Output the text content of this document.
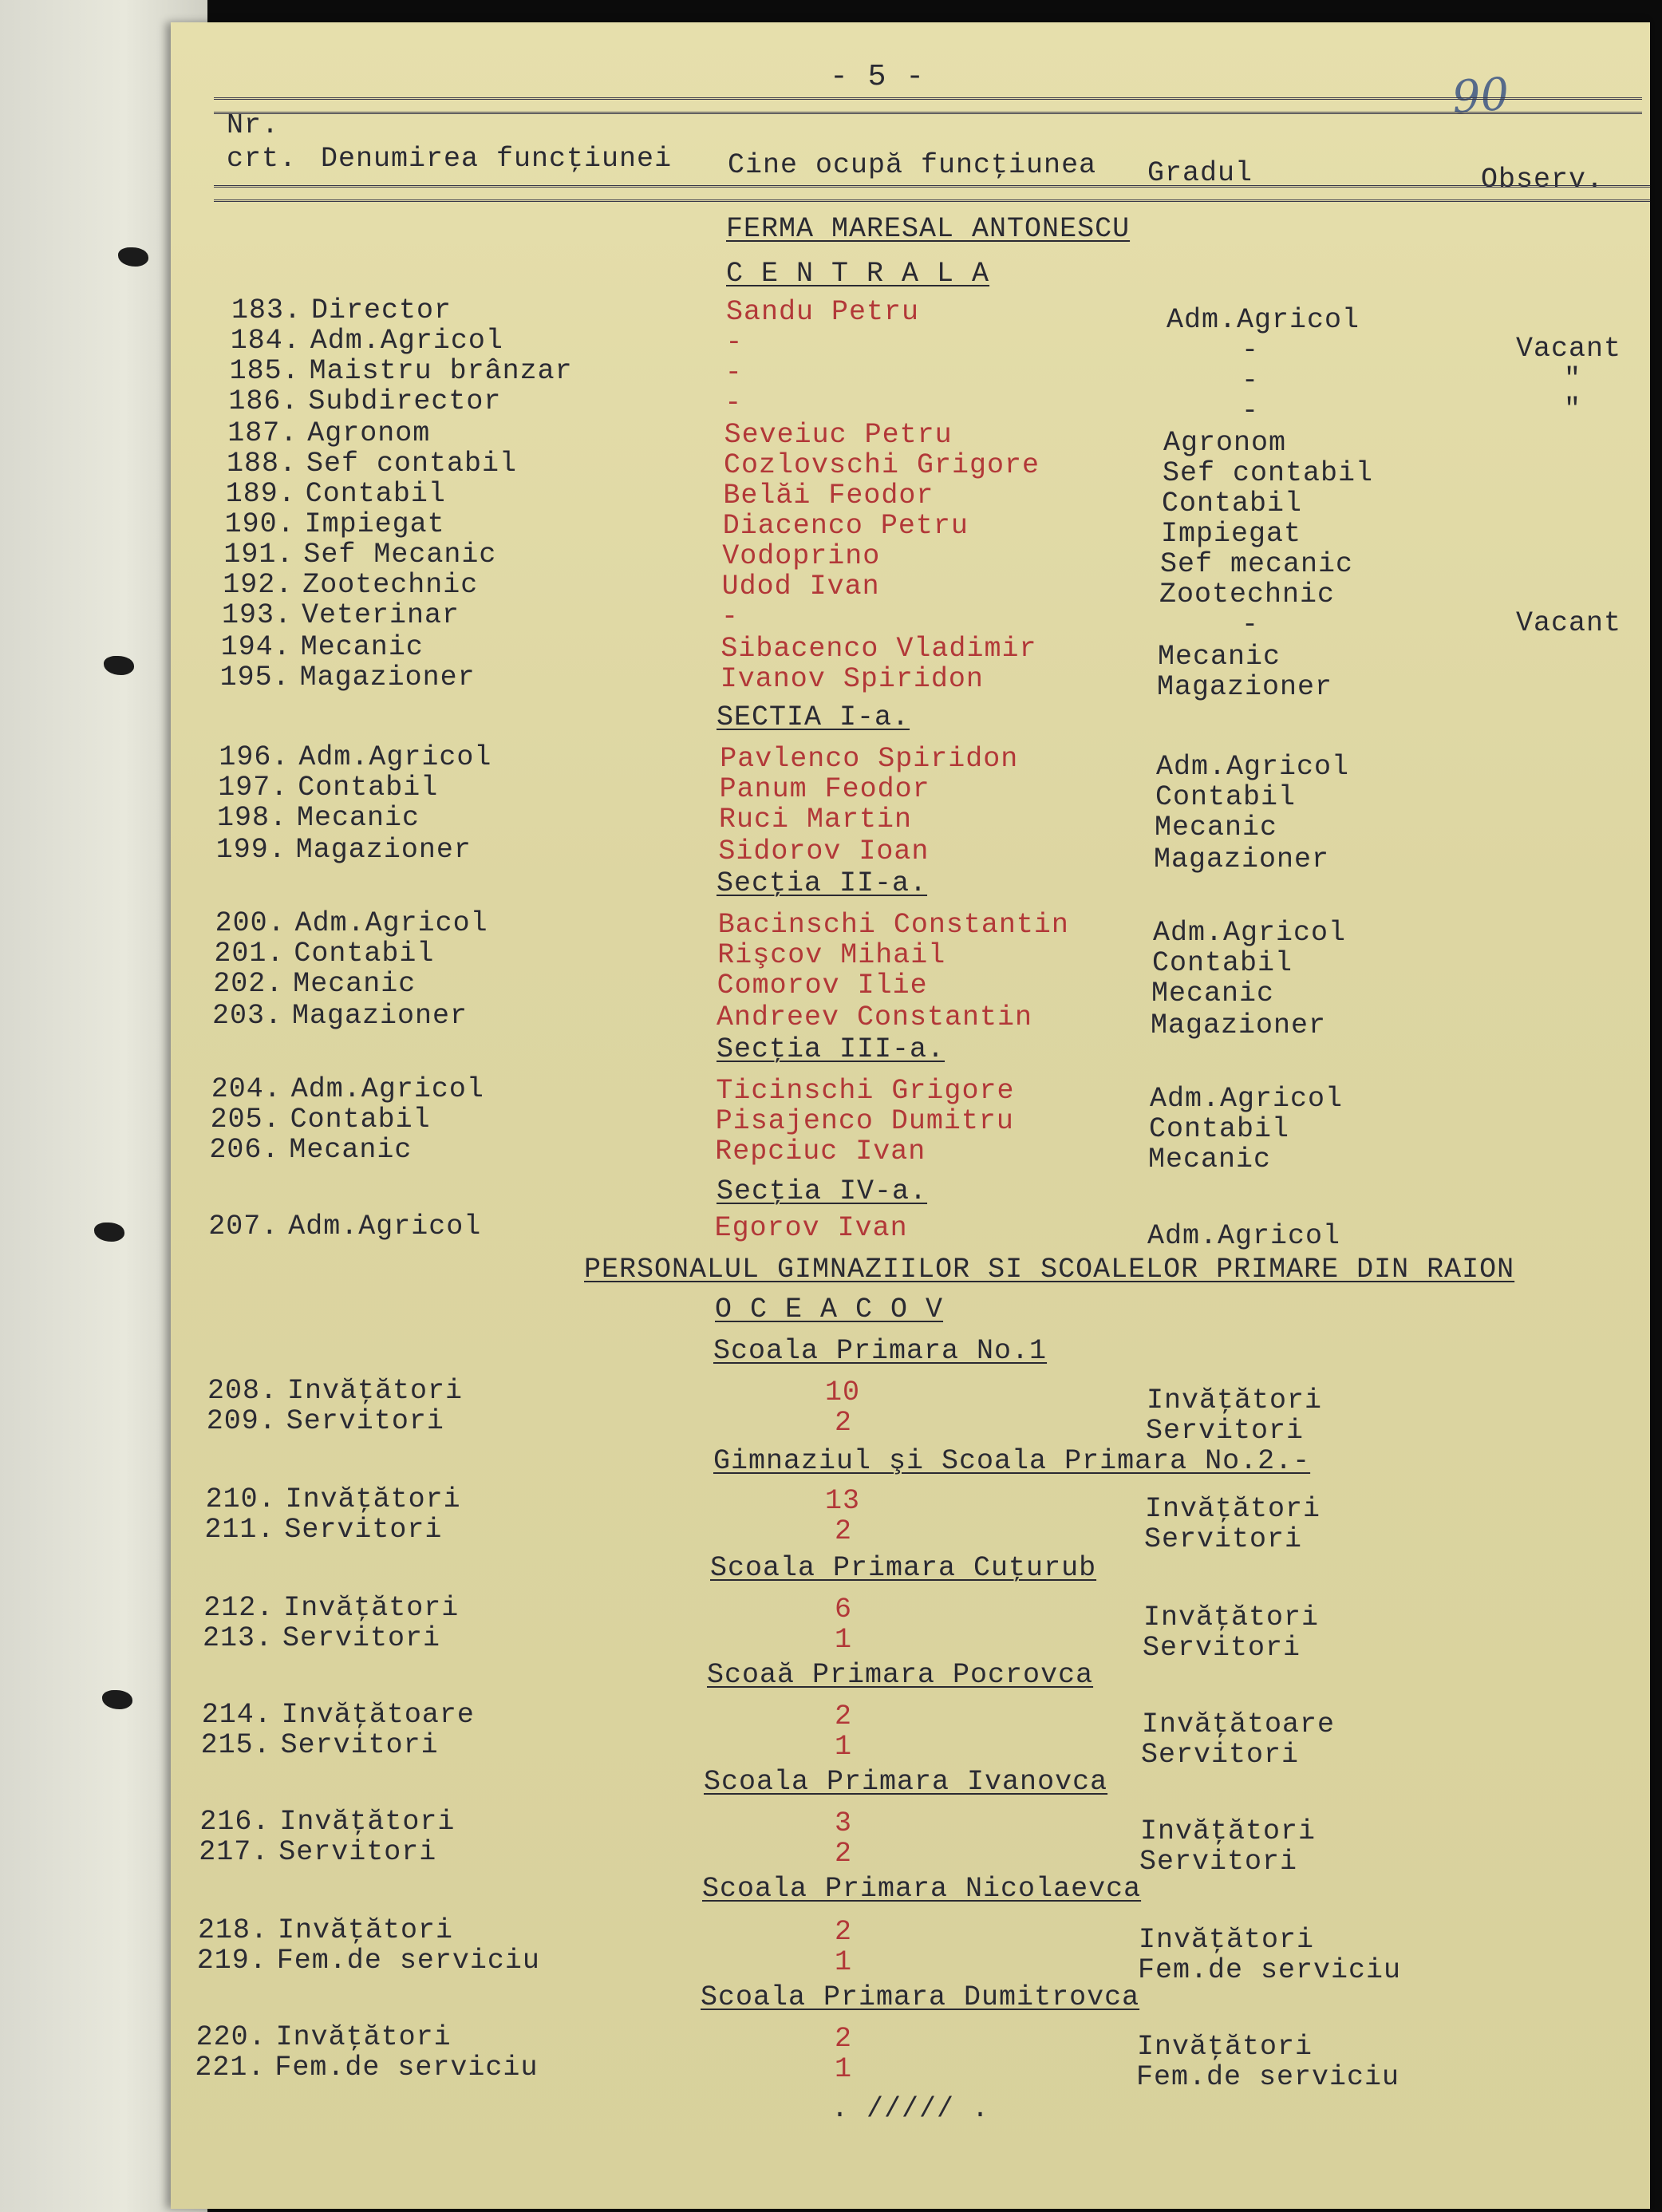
- 5 -	90
Nr.
crt. Denumirea funcţiunei Cine ocupă funcţiunea Gradul	Observ.
FERMA MARESAL ANTONESCU
C E N T R A L A
SECTIA I-a.
Secţia II-a.
Secţia III-a.
Secţia IV-a.
PERSONALUL GIMNAZIILOR SI SCOALELOR PRIMARE DIN RAION
O C E A C O V
Scoala Primara No.1
Gimnaziul şi Scoala Primara No.2.-
Scoala Primara Cuţurub
Scoaă Primara Pocrovca
Scoala Primara Ivanovca
Scoala Primara Nicolaevca
Scoala Primara Dumitrovca
183. Director	Sandu Petru	Adm.Agricol
184. Adm.Agricol	-	-	Vacant
185. Maistru brânzar	-	-	"
186. Subdirector	-	-	"
187. Agronom	Seveiuc Petru	Agronom
188. Sef contabil	Cozlovschi Grigore	Sef contabil
189. Contabil	Belăi Feodor	Contabil
190. Impiegat	Diacenco Petru	Impiegat
191. Sef Mecanic	Vodoprino	Sef mecanic
192. Zootechnic	Udod Ivan	Zootechnic
193. Veterinar	-	-	Vacant
194. Mecanic	Sibacenco Vladimir	Mecanic
195. Magazioner	Ivanov Spiridon	Magazioner
196. Adm.Agricol	Pavlenco Spiridon	Adm.Agricol
197. Contabil	Panum Feodor	Contabil
198. Mecanic	Ruci Martin	Mecanic
199. Magazioner	Sidorov Ioan	Magazioner
200. Adm.Agricol	Bacinschi Constantin	Adm.Agricol
201. Contabil	Rişcov Mihail	Contabil
202. Mecanic	Comorov Ilie	Mecanic
203. Magazioner	Andreev Constantin	Magazioner
204. Adm.Agricol	Ticinschi Grigore	Adm.Agricol
205. Contabil	Pisajenco Dumitru	Contabil
206. Mecanic	Repciuc Ivan	Mecanic
207. Adm.Agricol	Egorov Ivan	Adm.Agricol
208. Invăţători	10	Invăţători
209. Servitori	2	Servitori
210. Invăţători	13	Invăţători
211. Servitori	2	Servitori
212. Invăţători	6	Invăţători
213. Servitori	1	Servitori
214. Invăţătoare	2	Invăţătoare
215. Servitori	1	Servitori
216. Invăţători	3	Invăţători
217. Servitori	2	Servitori
218. Invăţători	2	Invăţători
219. Fem.de serviciu	1	Fem.de serviciu
220. Invăţători	2	Invăţători
221. Fem.de serviciu	1	Fem.de serviciu
. ///// .
